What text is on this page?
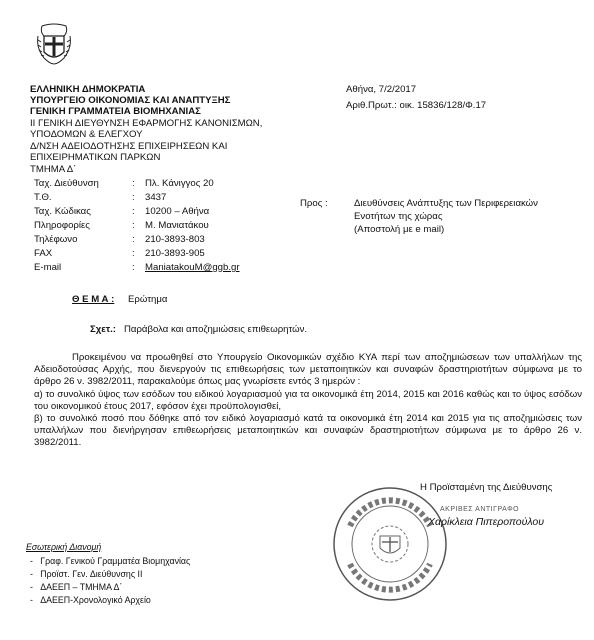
ΕΛΛΗΝΙΚΗ ΔΗΜΟΚΡΑΤΙΑ
ΥΠΟΥΡΓΕΙΟ ΟΙΚΟΝΟΜΙΑΣ ΚΑΙ ΑΝΑΠΤΥΞΗΣ
ΓΕΝΙΚΗ ΓΡΑΜΜΑΤΕΙΑ ΒΙΟΜΗΧΑΝΙΑΣ
ΙΙ ΓΕΝΙΚΗ ΔΙΕΥΘΥΝΣΗ ΕΦΑΡΜΟΓΗΣ ΚΑΝΟΝΙΣΜΩΝ,
ΥΠΟΔΟΜΩΝ & ΕΛΕΓΧΟΥ
Δ/ΝΣΗ ΑΔΕΙΟΔΟΤΗΣΗΣ ΕΠΙΧΕΙΡΗΣΕΩΝ ΚΑΙ
ΕΠΙΧΕΙΡΗΜΑΤΙΚΩΝ ΠΑΡΚΩΝ
ΤΜΗΜΑ Δ΄
Αθήνα, 7/2/2017
Αριθ.Πρωτ.: οικ. 15836/128/Φ.17
Ταχ. Διεύθυνση	: Πλ. Κάνιγγος 20
Τ.Θ.	: 3437
Ταχ. Κώδικας	: 10200 – Αθήνα
Πληροφορίες	: Μ. Μανιατάκου
Τηλέφωνο	: 210-3893-803
FAX	: 210-3893-905
E-mail	: ManiatakouM@ggb.gr
Προς :	Διευθύνσεις Ανάπτυξης των Περιφερειακών
Ενοτήτων της χώρας
(Αποστολή με e mail)
Θ Ε Μ Α : Ερώτημα
Σχετ.: Παράβολα και αποζημιώσεις επιθεωρητών.
Προκειμένου να προωθηθεί στο Υπουργείο Οικονομικών σχέδιο ΚΥΑ περί των αποζημιώσεων των υπαλλήλων της Αδειοδοτούσας Αρχής, που διενεργούν τις επιθεωρήσεις των μεταποιητικών και συναφών δραστηριοτήτων σύμφωνα με το άρθρο 26 ν. 3982/2011, παρακαλούμε όπως μας γνωρίσετε εντός 3 ημερών :
α) το συνολικό ύψος των εσόδων του ειδικού λογαριασμού για τα οικονομικά έτη 2014, 2015 και 2016 καθώς και το ύψος εσόδων του οικονομικού έτους 2017, εφόσον έχει προϋπολογισθεί,
β) το συνολικό ποσό που δόθηκε από τον ειδικό λογαριασμό κατά τα οικονομικά έτη 2014 και 2015 για τις αποζημιώσεις των υπαλλήλων που διενήργησαν επιθεωρήσεις μεταποιητικών και συναφών δραστηριοτήτων σύμφωνα με το άρθρο 26 ν. 3982/2011.
Η Προϊσταμένη της Διεύθυνσης
ΑΚΡΙΒΕΣ ΑΝΤΙΓΡΑΦΟ
Χαρίκλεια Πιπεροπούλου
Εσωτερική Διανομή
-   Γραφ. Γενικού Γραμματέα Βιομηχανίας
-   Προϊστ. Γεν. Διεύθυνσης ΙΙ
-   ΔΑΕΕΠ – ΤΜΗΜΑ Δ΄
-   ΔΑΕΕΠ-Χρονολογικό Αρχείο
